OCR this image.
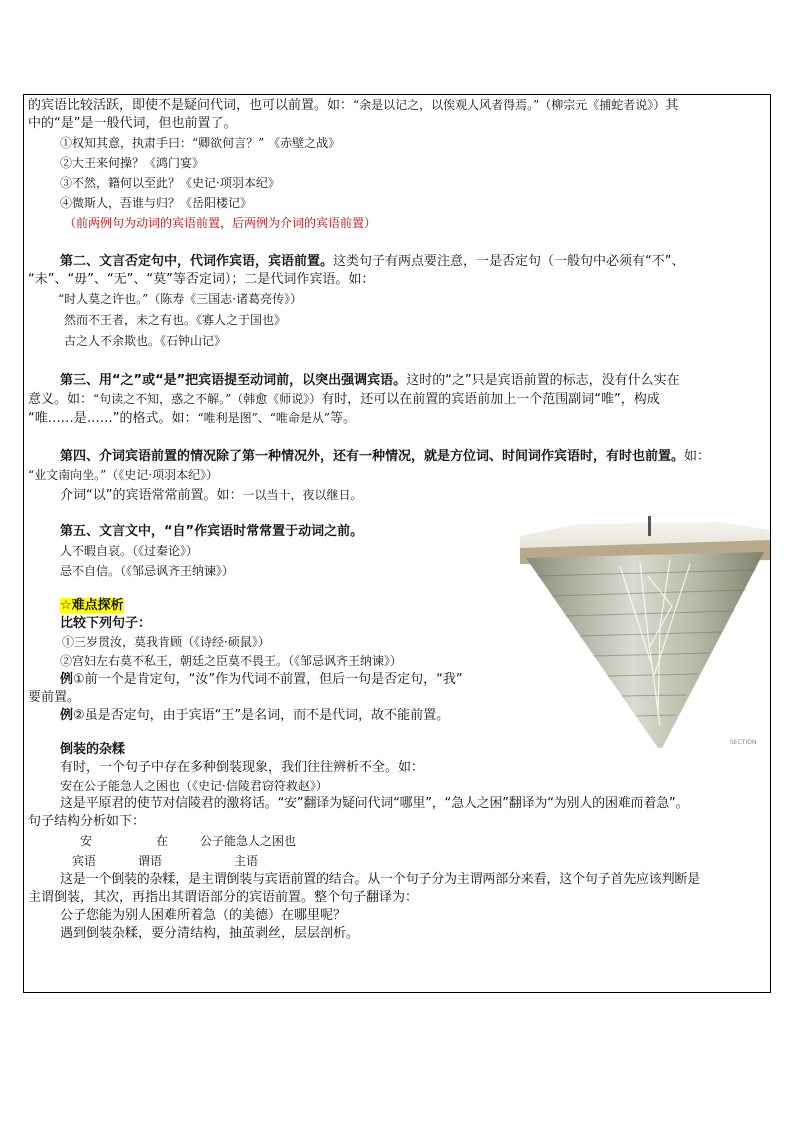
的宾语比较活跃，即使不是疑问代词，也可以前置。如：“余是以记之，以俟观人风者得焉。”（柳宗元《捕蛇者说》）其

中的“是”是一般代词，但也前置了。

①权知其意，执肃手曰：“卿欲何言？” 《赤壁之战》

②大王来何操？《鸿门宴》

③不然，籍何以至此？《史记·项羽本纪》

④微斯人，吾谁与归？《岳阳楼记》

（前两例句为动词的宾语前置，后两例为介词的宾语前置）

第二、文言否定句中，代词作宾语，宾语前置。这类句子有两点要注意，一是否定句（一般句中必须有“不”、

“未”、“毋”、“无”、“莫”等否定词）；二是代词作宾语。如：

“时人莫之许也。”（陈寿《三国志·诸葛亮传》）

然而不王者，未之有也。《寡人之于国也》

古之人不余欺也。《石钟山记》

第三、用“之”或“是”把宾语提至动词前，以突出强调宾语。这时的“之”只是宾语前置的标志，没有什么实在

意义。如：“句读之不知，惑之不解。”（韩愈《师说》）有时，还可以在前置的宾语前加上一个范围副词“唯”，构成

“唯……是……”的格式。如：“唯利是图”、“唯命是从”等。

第四、介词宾语前置的情况除了第一种情况外，还有一种情况，就是方位词、时间词作宾语时，有时也前置。如：

“业文南向坐。”（《史记·项羽本纪》）

介词“以”的宾语常常前置。如：一以当十，夜以继日。

第五、文言文中，“自”作宾语时常常置于动词之前。

人不暇自哀。（《过秦论》）

忌不自信。（《邹忌讽齐王纳谏》）

☆难点探析

比较下列句子：

①三岁贯汝，莫我肯顾（《诗经·硕鼠》）

②宫妇左右莫不私王，朝廷之臣莫不畏王。（《邹忌讽齐王纳谏》）

例①前一个是肯定句，“汝”作为代词不前置，但后一句是否定句，“我”

要前置。

例②虽是否定句，由于宾语“王”是名词，而不是代词，故不能前置。

倒装的杂糅

有时，一个句子中存在多种倒装现象，我们往往辨析不全。如：

安在公子能急人之困也（《史记·信陵君窃符救赵》）

这是平原君的使节对信陵君的激将话。“安”翻译为疑问代词“哪里”，“急人之困”翻译为“为别人的困难而着急”。

句子结构分析如下：

安	在	公子能急人之困也
宾语	谓语	主语

这是一个倒装的杂糅，是主谓倒装与宾语前置的结合。从一个句子分为主谓两部分来看，这个句子首先应该判断是

主谓倒装，其次，再指出其谓语部分的宾语前置。整个句子翻译为：

公子您能为别人困难所着急（的美德）在哪里呢？

遇到倒装杂糅，要分清结构，抽茧剥丝，层层剖析。

SECTION
